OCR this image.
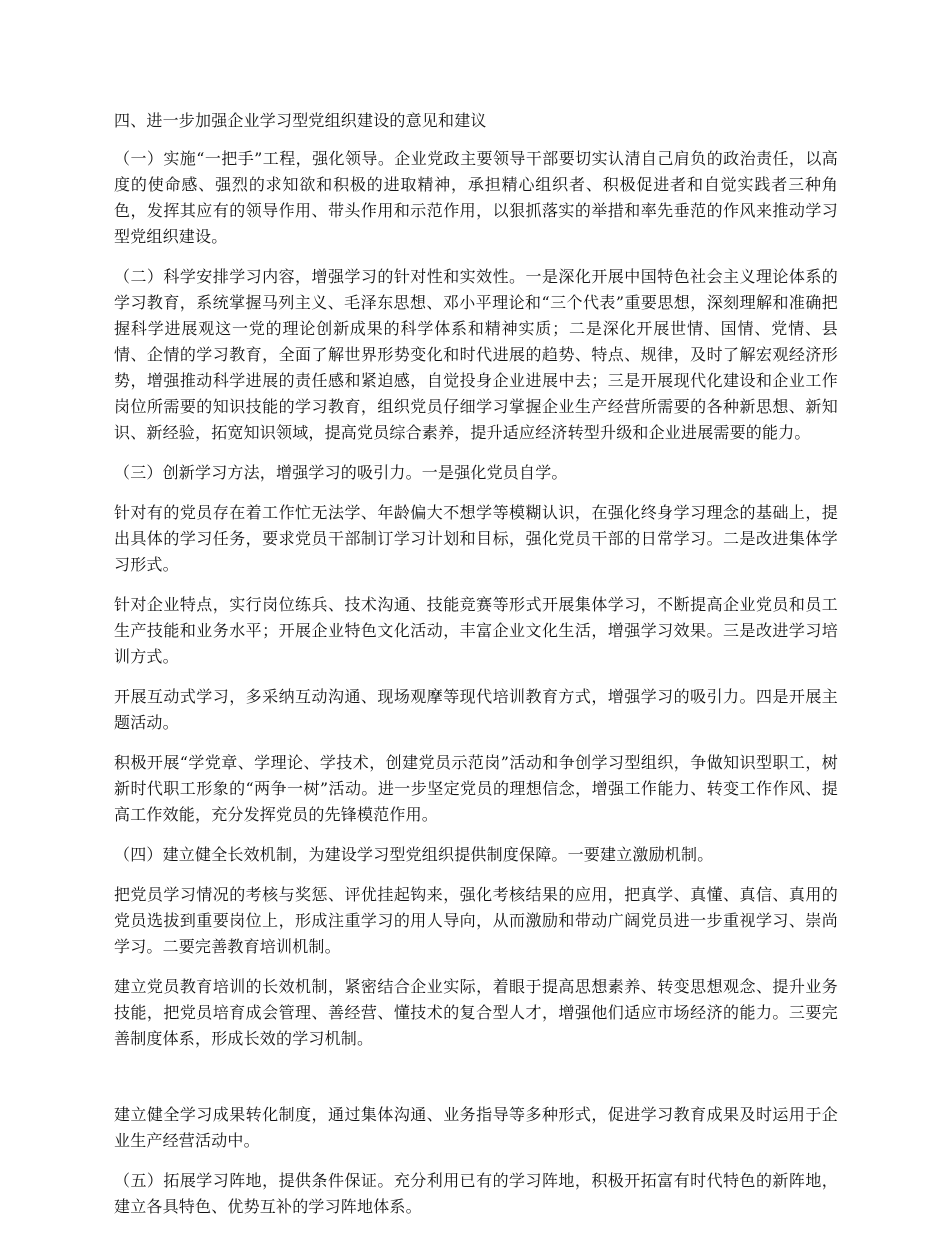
四、进一步加强企业学习型党组织建设的意见和建议

（一）实施“一把手”工程，强化领导。企业党政主要领导干部要切实认清自己肩负的政治责任，以高度的使命感、强烈的求知欲和积极的进取精神，承担精心组织者、积极促进者和自觉实践者三种角色，发挥其应有的领导作用、带头作用和示范作用，以狠抓落实的举措和率先垂范的作风来推动学习型党组织建设。

（二）科学安排学习内容，增强学习的针对性和实效性。一是深化开展中国特色社会主义理论体系的学习教育，系统掌握马列主义、毛泽东思想、邓小平理论和“三个代表”重要思想，深刻理解和准确把握科学进展观这一党的理论创新成果的科学体系和精神实质；二是深化开展世情、国情、党情、县情、企情的学习教育，全面了解世界形势变化和时代进展的趋势、特点、规律，及时了解宏观经济形势，增强推动科学进展的责任感和紧迫感，自觉投身企业进展中去；三是开展现代化建设和企业工作岗位所需要的知识技能的学习教育，组织党员仔细学习掌握企业生产经营所需要的各种新思想、新知识、新经验，拓宽知识领域，提高党员综合素养，提升适应经济转型升级和企业进展需要的能力。

（三）创新学习方法，增强学习的吸引力。一是强化党员自学。

针对有的党员存在着工作忙无法学、年龄偏大不想学等模糊认识，在强化终身学习理念的基础上，提出具体的学习任务，要求党员干部制订学习计划和目标，强化党员干部的日常学习。二是改进集体学习形式。

针对企业特点，实行岗位练兵、技术沟通、技能竞赛等形式开展集体学习，不断提高企业党员和员工生产技能和业务水平；开展企业特色文化活动，丰富企业文化生活，增强学习效果。三是改进学习培训方式。

开展互动式学习，多采纳互动沟通、现场观摩等现代培训教育方式，增强学习的吸引力。四是开展主题活动。

积极开展“学党章、学理论、学技术，创建党员示范岗”活动和争创学习型组织，争做知识型职工，树新时代职工形象的“两争一树”活动。进一步坚定党员的理想信念，增强工作能力、转变工作作风、提高工作效能，充分发挥党员的先锋模范作用。

（四）建立健全长效机制，为建设学习型党组织提供制度保障。一要建立激励机制。

把党员学习情况的考核与奖惩、评优挂起钩来，强化考核结果的应用，把真学、真懂、真信、真用的党员选拔到重要岗位上，形成注重学习的用人导向，从而激励和带动广阔党员进一步重视学习、崇尚学习。二要完善教育培训机制。

建立党员教育培训的长效机制，紧密结合企业实际，着眼于提高思想素养、转变思想观念、提升业务技能，把党员培育成会管理、善经营、懂技术的复合型人才，增强他们适应市场经济的能力。三要完善制度体系，形成长效的学习机制。

建立健全学习成果转化制度，通过集体沟通、业务指导等多种形式，促进学习教育成果及时运用于企业生产经营活动中。

（五）拓展学习阵地，提供条件保证。充分利用已有的学习阵地，积极开拓富有时代特色的新阵地，建立各具特色、优势互补的学习阵地体系。
